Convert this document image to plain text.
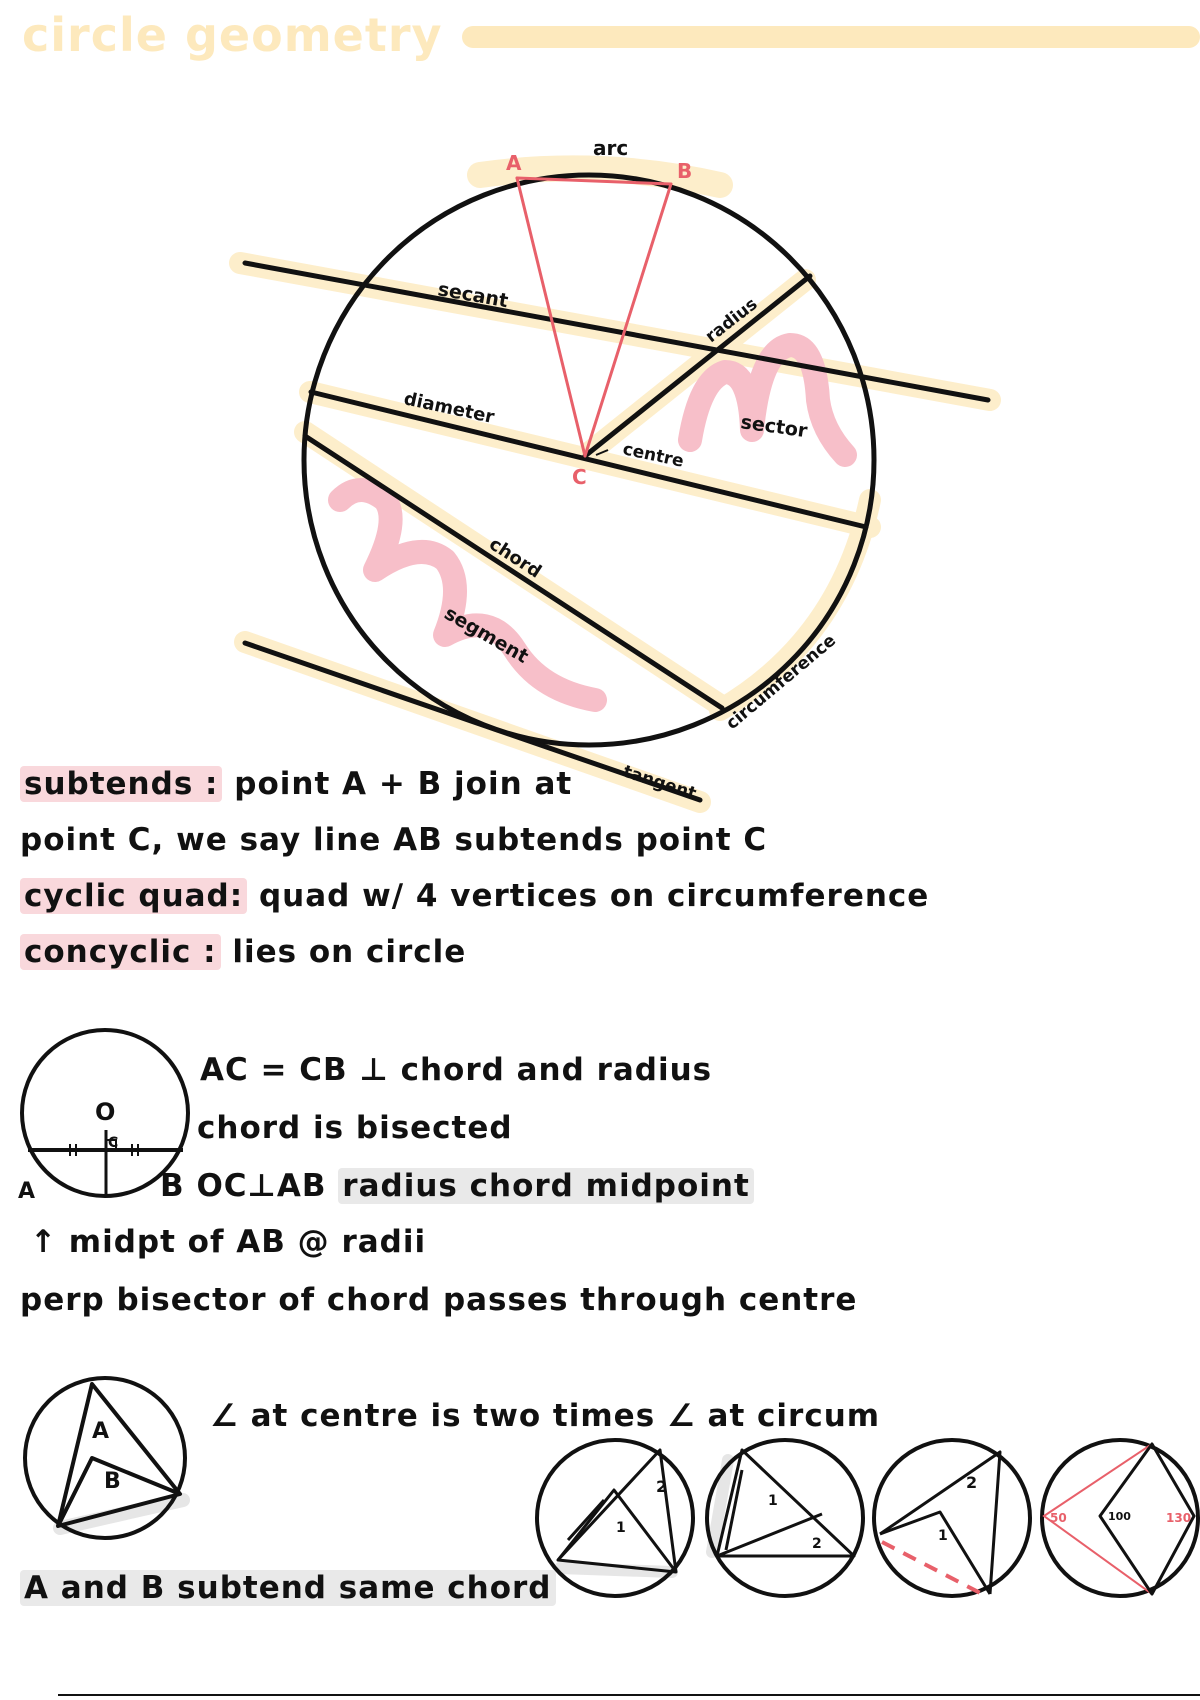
circle geometry
arc
A	B
C
secant	radius
diameter	sector
centre
chord
segment	circumference
tangent
subtends : point A + B join at
point C, we say line AB subtends point C
cyclic quad: quad w/ 4 vertices on circumference
concyclic : lies on circle
O
C
A
AC = CB ⊥ chord and radius
chord is bisected
B OC⊥AB radius chord midpoint
↑ midpt of AB @ radii
perp bisector of chord passes through centre
A
B
∠ at centre is two times ∠ at circum
A and B subtend same chord
2
1
1
2
2
1
50	100	130
